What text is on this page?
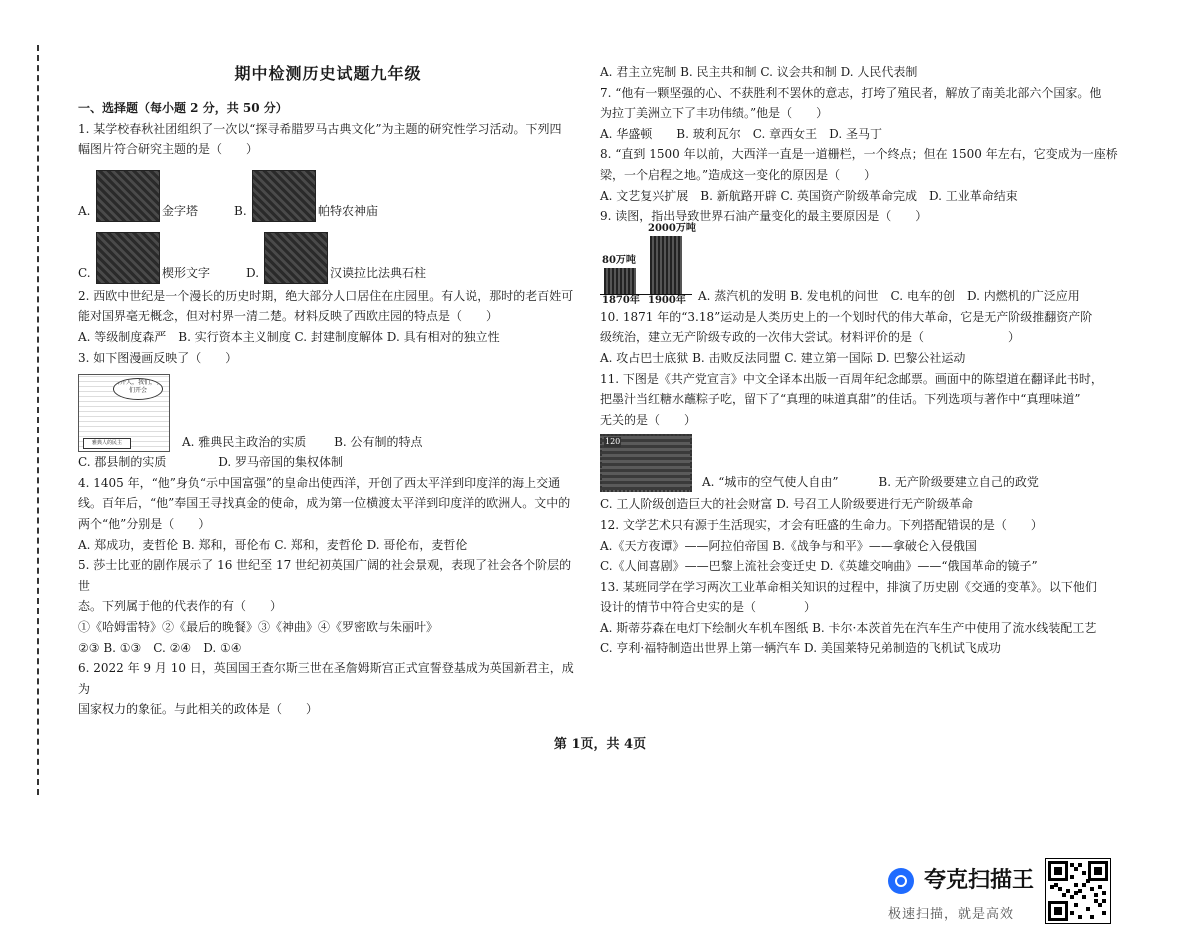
期中检测历史试题九年级
一、选择题（每小题 2 分，共 50 分）
1. 某学校春秋社团组织了一次以“探寻希腊罗马古典文化”为主题的研究性学习活动。下列四
幅图片符合研究主题的是（　　）
A.	金字塔	B.	帕特农神庙
C.	楔形文字	D.	汉谟拉比法典石柱
2. 西欧中世纪是一个漫长的历史时期，绝大部分人口居住在庄园里。有人说，那时的老百姓可
能对国界毫无概念，但对村界一清二楚。材料反映了西欧庄园的特点是（　　）
A. 等级制度森严　B. 实行资本主义制度 C. 封建制度解体 D. 具有相对的独立性
3. 如下图漫画反映了（　　）
当开人，我们，我们开会
雅典人的民主	A. 雅典民主政治的实质　　 B. 公有制的特点
C. 郡县制的实质　　　　 D. 罗马帝国的集权体制
4. 1405 年，“他”身负“示中国富强”的皇命出使西洋，开创了西太平洋到印度洋的海上交通
线。百年后，“他”奉国王寻找真金的使命，成为第一位横渡太平洋到印度洋的欧洲人。文中的
两个“他”分别是（　　）
A. 郑成功，麦哲伦 B. 郑和，哥伦布 C. 郑和，麦哲伦 D. 哥伦布，麦哲伦
5. 莎士比亚的剧作展示了 16 世纪至 17 世纪初英国广阔的社会景观，表现了社会各个阶层的世
态。下列属于他的代表作的有（　　）
①《哈姆雷特》②《最后的晚餐》③《神曲》④《罗密欧与朱丽叶》
②③ B. ①③　C. ②④　D. ①④
6. 2022 年 9 月 10 日，英国国王查尔斯三世在圣詹姆斯宫正式宣誓登基成为英国新君主，成为
国家权力的象征。与此相关的政体是（　　）
A. 君主立宪制 B. 民主共和制 C. 议会共和制 D. 人民代表制
7. “他有一颗坚强的心、不获胜利不罢休的意志，打垮了殖民者，解放了南美北部六个国家。他
为拉丁美洲立下了丰功伟绩。”他是（　　）
A. 华盛顿　　B. 玻利瓦尔　C. 章西女王　D. 圣马丁
8. “直到 1500 年以前，大西洋一直是一道栅栏，一个终点；但在 1500 年左右，它变成为一座桥
梁，一个启程之地。”造成这一变化的原因是（　　）
A. 文艺复兴扩展　B. 新航路开辟 C. 英国资产阶级革命完成　D. 工业革命结束
9. 读图，指出导致世界石油产量变化的最主要原因是（　　）
80万吨
1870年
2000万吨
1900年 A. 蒸汽机的发明 B. 发电机的问世　C. 电车的创　D. 内燃机的广泛应用
10. 1871 年的“3.18”运动是人类历史上的一个划时代的伟大革命，它是无产阶级推翻资产阶
级统治，建立无产阶级专政的一次伟大尝试。材料评价的是（　　　　　　　）
A. 攻占巴士底狱 B. 击败反法同盟 C. 建立第一国际 D. 巴黎公社运动
11. 下图是《共产党宣言》中文全译本出版一百周年纪念邮票。画面中的陈望道在翻译此书时，
把墨汁当红糖水蘸粽子吃，留下了“真理的味道真甜”的佳话。下列选项与著作中“真理味道”
无关的是（　　）
120
A. “城市的空气使人自由”　　　 B. 无产阶级要建立自己的政党
C. 工人阶级创造巨大的社会财富 D. 号召工人阶级要进行无产阶级革命
12. 文学艺术只有源于生活现实，才会有旺盛的生命力。下列搭配错误的是（　　）
A.《天方夜谭》——阿拉伯帝国 B.《战争与和平》——拿破仑入侵俄国
C.《人间喜剧》——巴黎上流社会变迁史 D.《英雄交响曲》——“俄国革命的镜子”
13. 某班同学在学习两次工业革命相关知识的过程中，排演了历史剧《交通的变革》。以下他们
设计的情节中符合史实的是（　　　　）
A. 斯蒂芬森在电灯下绘制火车机车图纸 B. 卡尔·本茨首先在汽车生产中使用了流水线装配工艺
C. 亨利·福特制造出世界上第一辆汽车 D. 美国莱特兄弟制造的飞机试飞成功
第 1页，共 4页
夸克扫描王
极速扫描，就是高效
